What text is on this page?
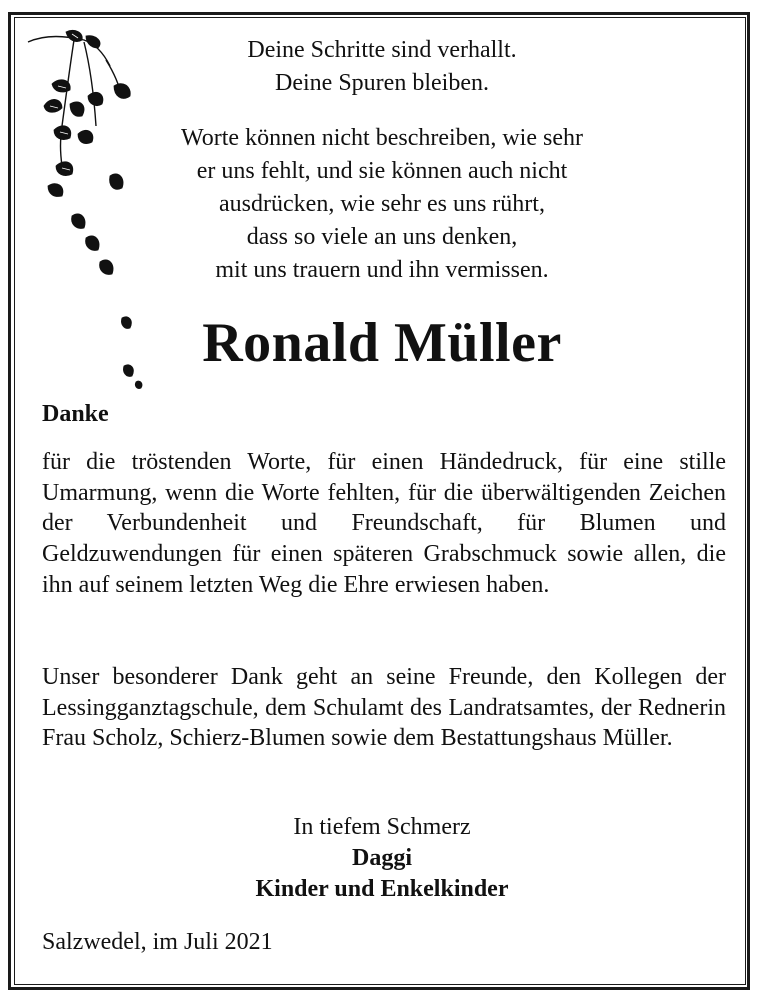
Deine Schritte sind verhallt.
Deine Spuren bleiben.

Worte können nicht beschreiben, wie sehr
er uns fehlt, und sie können auch nicht
ausdrücken, wie sehr es uns rührt,
dass so viele an uns denken,
mit uns trauern und ihn vermissen.

Ronald Müller
Danke

für die tröstenden Worte, für einen Händedruck, für eine stille Umarmung, wenn die Worte fehlten, für die überwältigenden Zeichen der Verbundenheit und Freundschaft, für Blumen und Geldzuwendungen für einen späteren Grabschmuck sowie allen, die ihn auf seinem letzten Weg die Ehre erwiesen haben.

Unser besonderer Dank geht an seine Freunde, den Kollegen der Lessingganztagschule, dem Schulamt des Landratsamtes, der Rednerin Frau Scholz, Schierz-Blumen sowie dem Bestattungshaus Müller.

In tiefem Schmerz
Daggi
Kinder und Enkelkinder

Salzwedel, im Juli 2021
